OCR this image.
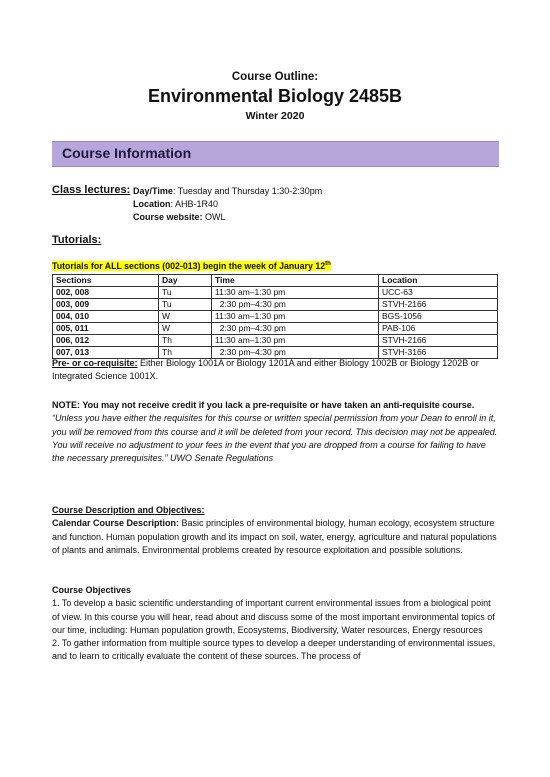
Course Outline:
Environmental Biology 2485B
Winter 2020
Course Information
Class lectures: Day/Time: Tuesday and Thursday 1:30-2:30pm
Location: AHB-1R40
Course website: OWL
Tutorials:
Tutorials for ALL sections (002-013) begin the week of January 12th
Sections	Day	Time	Location
002, 008	Tu	11:30 am–1:30 pm	UCC-63
003, 009	Tu	2:30 pm–4:30 pm	STVH-2166
004, 010	W	11:30 am–1:30 pm	BGS-1056
005, 011	W	2:30 pm–4:30 pm	PAB-106
006, 012	Th	11:30 am–1:30 pm	STVH-2166
007, 013	Th	2:30 pm–4:30 pm	STVH-3166
Pre- or co-requisite: Either Biology 1001A or Biology 1201A and either Biology 1002B or Biology 1202B or Integrated Science 1001X.
NOTE: You may not receive credit if you lack a pre-requisite or have taken an anti-requisite course.
“Unless you have either the requisites for this course or written special permission from your Dean to enroll in it, you will be removed from this course and it will be deleted from your record. This decision may not be appealed. You will receive no adjustment to your fees in the event that you are dropped from a course for failing to have the necessary prerequisites.” UWO Senate Regulations
Course Description and Objectives:
Calendar Course Description: Basic principles of environmental biology, human ecology, ecosystem structure and function. Human population growth and its impact on soil, water, energy, agriculture and natural populations of plants and animals. Environmental problems created by resource exploitation and possible solutions.
Course Objectives
1. To develop a basic scientific understanding of important current environmental issues from a biological point of view. In this course you will hear, read about and discuss some of the most important environmental topics of our time, including: Human population growth, Ecosystems, Biodiversity, Water resources, Energy resources
2. To gather information from multiple source types to develop a deeper understanding of environmental issues, and to learn to critically evaluate the content of these sources. The process of
